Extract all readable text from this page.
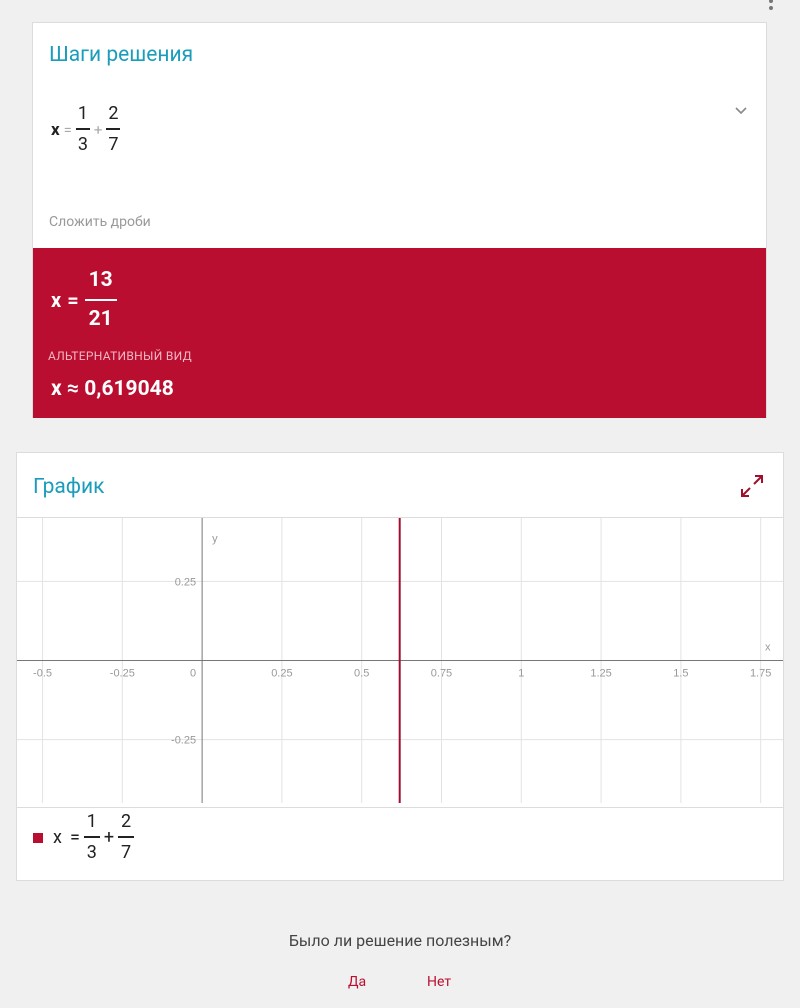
Шаги решения
$x = \frac{1}{3} + \frac{2}{7}$
Сложить дроби
$x = \frac{13}{21}$
АЛЬТЕРНАТИВНЫЙ ВИД
x ≈ 0,619048
График
-0.5	-0.25	0	0.25	0.5	0.75	1	1.25	1.5	1.75
0.25
-0.25
y
x
$x = \frac{1}{3} + \frac{2}{7}$
Было ли решение полезным?
Да	Нет
